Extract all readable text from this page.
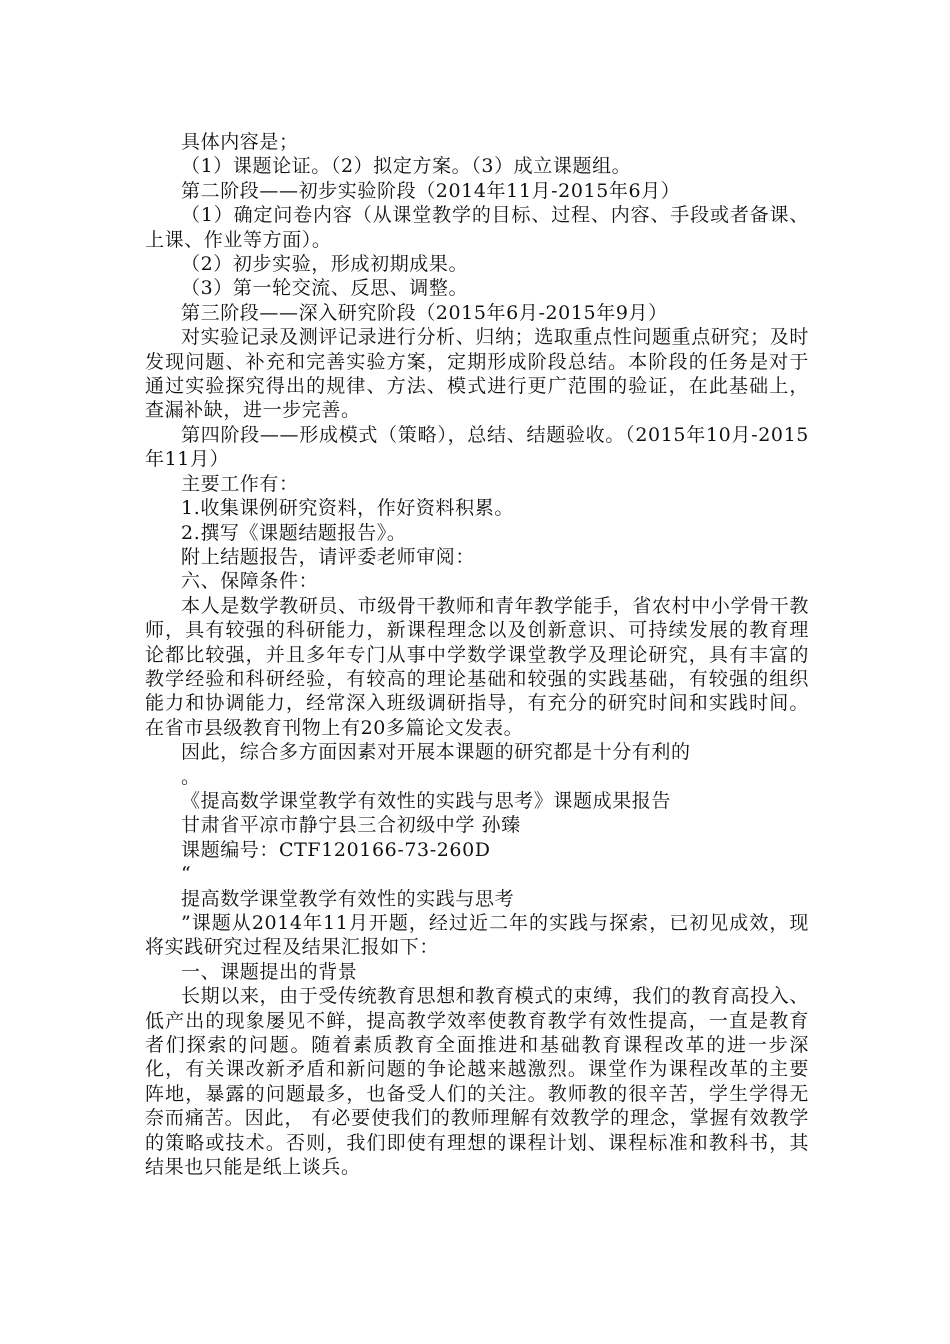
具体内容是；

（1）课题论证。（2）拟定方案。（3）成立课题组。

第二阶段——初步实验阶段（2014年11月-2015年6月）

（1）确定问卷内容（从课堂教学的目标、过程、内容、手段或者备课、上课、作业等方面）。

（2）初步实验，形成初期成果。

（3）第一轮交流、反思、调整。

第三阶段——深入研究阶段（2015年6月-2015年9月）

对实验记录及测评记录进行分析、归纳；选取重点性问题重点研究；及时发现问题、补充和完善实验方案，定期形成阶段总结。本阶段的任务是对于通过实验探究得出的规律、方法、模式进行更广范围的验证，在此基础上，查漏补缺，进一步完善。

第四阶段——形成模式（策略），总结、结题验收。（2015年10月-2015年11月）

主要工作有：

1.收集课例研究资料，作好资料积累。

2.撰写《课题结题报告》。

附上结题报告，请评委老师审阅：

六、保障条件：

本人是数学教研员、市级骨干教师和青年教学能手，省农村中小学骨干教师，具有较强的科研能力，新课程理念以及创新意识、可持续发展的教育理论都比较强，并且多年专门从事中学数学课堂教学及理论研究，具有丰富的教学经验和科研经验，有较高的理论基础和较强的实践基础，有较强的组织能力和协调能力，经常深入班级调研指导，有充分的研究时间和实践时间。在省市县级教育刊物上有20多篇论文发表。

因此，综合多方面因素对开展本课题的研究都是十分有利的

。

《提高数学课堂教学有效性的实践与思考》课题成果报告

甘肃省平凉市静宁县三合初级中学 孙臻

课题编号：CTF120166-73-260D

“

提高数学课堂教学有效性的实践与思考

”课题从2014年11月开题，经过近二年的实践与探索，已初见成效，现将实践研究过程及结果汇报如下：

一、课题提出的背景

长期以来，由于受传统教育思想和教育模式的束缚，我们的教育高投入、低产出的现象屡见不鲜，提高教学效率使教育教学有效性提高，一直是教育者们探索的问题。随着素质教育全面推进和基础教育课程改革的进一步深化，有关课改新矛盾和新问题的争论越来越激烈。课堂作为课程改革的主要阵地，暴露的问题最多，也备受人们的关注。教师教的很辛苦，学生学得无奈而痛苦。因此， 有必要使我们的教师理解有效教学的理念，掌握有效教学的策略或技术。否则，我们即使有理想的课程计划、课程标准和教科书，其结果也只能是纸上谈兵。
